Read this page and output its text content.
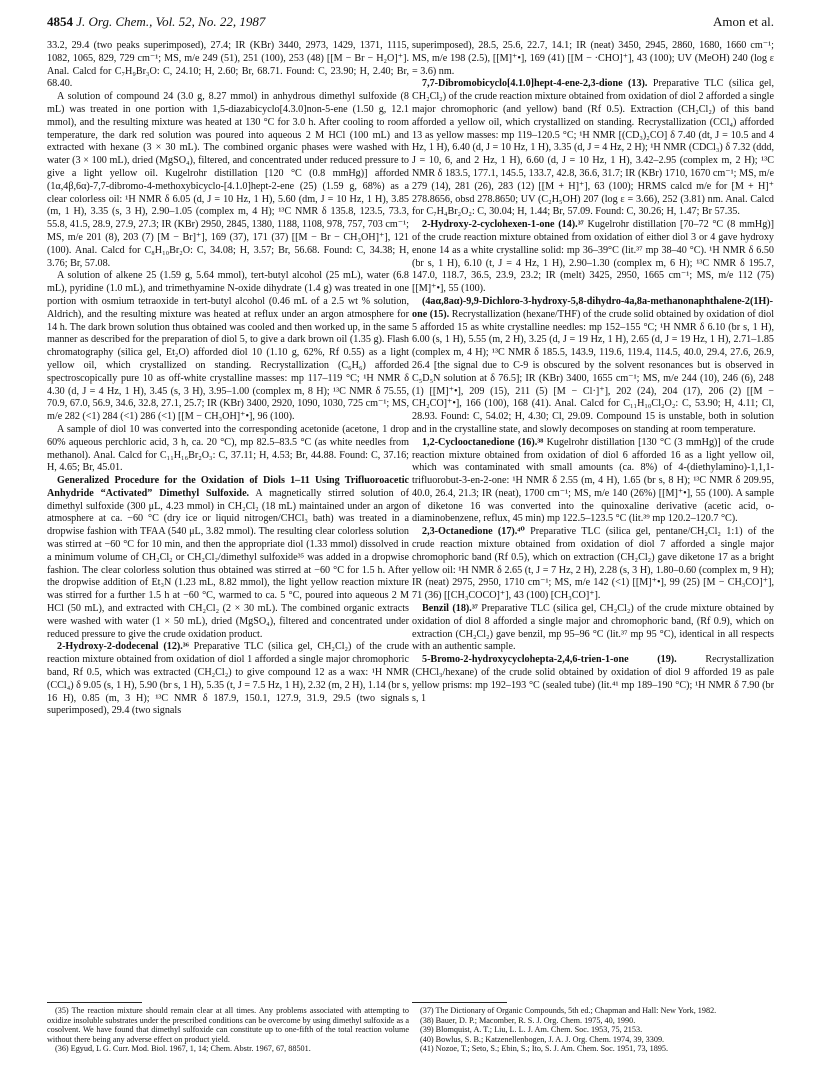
4854 J. Org. Chem., Vol. 52, No. 22, 1987	Amon et al.

33.2, 29.4 (two peaks superimposed), 27.4; IR (KBr) 3440, 2973, 1429, 1371, 1115, 1082, 1065, 829, 729 cm⁻¹; MS, m/e 249 (51), 251 (100), 253 (48) [[M − Br − H₂O]⁺]. Anal. Calcd for C₇H₉Br₃O: C, 24.10; H, 2.60; Br, 68.71. Found: C, 23.90; H, 2.40; Br, 68.40.

A solution of compound 24 (3.0 g, 8.27 mmol) in anhydrous dimethyl sulfoxide (8 mL) was treated in one portion with 1,5-diazabicyclo[4.3.0]non-5-ene (1.50 g, 12.1 mmol), and the resulting mixture was heated at 130 °C for 3.0 h. After cooling to room temperature, the dark red solution was poured into aqueous 2 M HCl (100 mL) and extracted with hexane (3 × 30 mL). The combined organic phases were washed with water (3 × 100 mL), dried (MgSO₄), filtered, and concentrated under reduced pressure to give a light yellow oil. Kugelrohr distillation [120 °C (0.8 mmHg)] afforded (1α,4β,6α)-7,7-dibromo-4-methoxybicyclo-[4.1.0]hept-2-ene (25) (1.59 g, 68%) as a clear colorless oil: ¹H NMR δ 6.05 (d, J = 10 Hz, 1 H), 5.60 (dm, J = 10 Hz, 1 H), 3.85 (m, 1 H), 3.35 (s, 3 H), 2.90–1.05 (complex m, 4 H); ¹³C NMR δ 135.8, 123.5, 73.3, 55.8, 41.5, 28.9, 27.9, 27.3; IR (KBr) 2950, 2845, 1380, 1188, 1108, 978, 757, 703 cm⁻¹; MS, m/e 201 (8), 203 (7) [M − Br]⁺], 169 (37), 171 (37) [[M − Br − CH₃OH]⁺], 121 (100). Anal. Calcd for C₈H₁₀Br₂O: C, 34.08; H, 3.57; Br, 56.68. Found: C, 34.38; H, 3.76; Br, 57.08.

A solution of alkene 25 (1.59 g, 5.64 mmol), tert-butyl alcohol (25 mL), water (6.8 mL), pyridine (1.0 mL), and trimethyamine N-oxide dihydrate (1.4 g) was treated in one portion with osmium tetraoxide in tert-butyl alcohol (0.46 mL of a 2.5 wt % solution, Aldrich), and the resulting mixture was heated at reflux under an argon atmosphere for 14 h. The dark brown solution thus obtained was cooled and then worked up, in the same manner as described for the preparation of diol 5, to give a dark brown oil (1.35 g). Flash chromatography (silica gel, Et₂O) afforded diol 10 (1.10 g, 62%, Rf 0.55) as a light yellow oil, which crystallized on standing. Recrystallization (C₆H₆) afforded spectroscopically pure 10 as off-white crystalline masses: mp 117–119 °C; ¹H NMR δ 4.30 (d, J = 4 Hz, 1 H), 3.45 (s, 3 H), 3.95–1.00 (complex m, 8 H); ¹³C NMR δ 75.55, 70.9, 67.0, 56.9, 34.6, 32.8, 27.1, 25.7; IR (KBr) 3400, 2920, 1090, 1030, 725 cm⁻¹; MS, m/e 282 (<1) 284 (<1) 286 (<1) [[M − CH₃OH]⁺•], 96 (100).

A sample of diol 10 was converted into the corresponding acetonide (acetone, 1 drop 60% aqueous perchloric acid, 3 h, ca. 20 °C), mp 82.5–83.5 °C (as white needles from methanol). Anal. Calcd for C₁₁H₁₆Br₂O₃: C, 37.11; H, 4.53; Br, 44.88. Found: C, 37.16; H, 4.65; Br, 45.01.

Generalized Procedure for the Oxidation of Diols 1–11 Using Trifluoroacetic Anhydride “Activated” Dimethyl Sulfoxide. A magnetically stirred solution of dimethyl sulfoxide (300 μL, 4.23 mmol) in CH₂Cl₂ (18 mL) maintained under an argon atmosphere at ca. −60 °C (dry ice or liquid nitrogen/CHCl₃ bath) was treated in a dropwise fashion with TFAA (540 μL, 3.82 mmol). The resulting clear colorless solution was stirred at −60 °C for 10 min, and then the appropriate diol (1.33 mmol) dissolved in a minimum volume of CH₂Cl₂ or CH₂Cl₂/dimethyl sulfoxide³⁵ was added in a dropwise fashion. The clear colorless solution thus obtained was stirred at −60 °C for 1.5 h. After the dropwise addition of Et₃N (1.23 mL, 8.82 mmol), the light yellow reaction mixture was stirred for a further 1.5 h at −60 °C, warmed to ca. 5 °C, poured into aqueous 2 M HCl (50 mL), and extracted with CH₂Cl₂ (2 × 30 mL). The combined organic extracts were washed with water (1 × 50 mL), dried (MgSO₄), filtered and concentrated under reduced pressure to give the crude oxidation product.

2-Hydroxy-2-dodecenal (12).³⁶ Preparative TLC (silica gel, CH₂Cl₂) of the crude reaction mixture obtained from oxidation of diol 1 afforded a single major chromophoric band, Rf 0.5, which was extracted (CH₂Cl₂) to give compound 12 as a wax: ¹H NMR (CCl₄) δ 9.05 (s, 1 H), 5.90 (br s, 1 H), 5.35 (t, J = 7.5 Hz, 1 H), 2.32 (m, 2 H), 1.14 (br s, 16 H), 0.85 (m, 3 H); ¹³C NMR δ 187.9, 150.1, 127.9, 31.9, 29.5 (two signals superimposed), 29.4 (two signals

superimposed), 28.5, 25.6, 22.7, 14.1; IR (neat) 3450, 2945, 2860, 1680, 1660 cm⁻¹; MS, m/e 198 (2.5), [[M]⁺•], 169 (41) [[M − ·CHO]⁺], 43 (100); UV (MeOH) 240 (log ε = 3.6) nm.

7,7-Dibromobicyclo[4.1.0]hept-4-ene-2,3-dione (13). Preparative TLC (silica gel, CH₂Cl₂) of the crude reaction mixture obtained from oxidation of diol 2 afforded a single major chromophoric (and yellow) band (Rf 0.5). Extraction (CH₂Cl₂) of this band afforded a yellow oil, which crystallized on standing. Recrystallization (CCl₄) afforded 13 as yellow masses: mp 119–120.5 °C; ¹H NMR [(CD₃)₂CO] δ 7.40 (dt, J = 10.5 and 4 Hz, 1 H), 6.40 (d, J = 10 Hz, 1 H), 3.35 (d, J = 4 Hz, 2 H); ¹H NMR (CDCl₃) δ 7.32 (ddd, J = 10, 6, and 2 Hz, 1 H), 6.60 (d, J = 10 Hz, 1 H), 3.42–2.95 (complex m, 2 H); ¹³C NMR δ 183.5, 177.1, 145.5, 133.7, 42.8, 36.6, 31.7; IR (KBr) 1710, 1670 cm⁻¹; MS, m/e 279 (14), 281 (26), 283 (12) [[M + H]⁺], 63 (100); HRMS calcd m/e for [M + H]⁺ 278.8656, obsd 278.8650; UV (C₂H₅OH) 207 (log ε = 3.66), 252 (3.81) nm. Anal. Calcd for C₇H₄Br₂O₂: C, 30.04; H, 1.44; Br, 57.09. Found: C, 30.26; H, 1.47; Br 57.35.

2-Hydroxy-2-cyclohexen-1-one (14).³⁷ Kugelrohr distillation [70–72 °C (8 mmHg)] of the crude reaction mixture obtained from oxidation of either diol 3 or 4 gave hydroxy enone 14 as a white crystalline solid: mp 36–39°C (lit.³⁷ mp 38–40 °C). ¹H NMR δ 6.50 (br s, 1 H), 6.10 (t, J = 4 Hz, 1 H), 2.90–1.30 (complex m, 6 H); ¹³C NMR δ 195.7, 147.0, 118.7, 36.5, 23.9, 23.2; IR (melt) 3425, 2950, 1665 cm⁻¹; MS, m/e 112 (75) [[M]⁺•], 55 (100).

(4aα,8aα)-9,9-Dichloro-3-hydroxy-5,8-dihydro-4a,8a-methanonaphthalene-2(1H)-one (15). Recrystallization (hexane/THF) of the crude solid obtained by oxidation of diol 5 afforded 15 as white crystalline needles: mp 152–155 °C; ¹H NMR δ 6.10 (br s, 1 H), 6.00 (s, 1 H), 5.55 (m, 2 H), 3.25 (d, J = 19 Hz, 1 H), 2.65 (d, J = 19 Hz, 1 H), 2.71–1.85 (complex m, 4 H); ¹³C NMR δ 185.5, 143.9, 119.6, 119.4, 114.5, 40.0, 29.4, 27.6, 26.9, 26.4 [the signal due to C-9 is obscured by the solvent resonances but is observed in C₅D₅N solution at δ 76.5]; IR (KBr) 3400, 1655 cm⁻¹; MS, m/e 244 (10), 246 (6), 248 (1) [[M]⁺•], 209 (15), 211 (5) [M − Cl·]⁺], 202 (24), 204 (17), 206 (2) [[M − CH₂CO]⁺•], 166 (100), 168 (41). Anal. Calcd for C₁₁H₁₀Cl₂O₂: C, 53.90; H, 4.11; Cl, 28.93. Found: C, 54.02; H, 4.30; Cl, 29.09. Compound 15 is unstable, both in solution and in the crystalline state, and slowly decomposes on standing at room temperature.

1,2-Cyclooctanedione (16).³⁸ Kugelrohr distillation [130 °C (3 mmHg)] of the crude reaction mixture obtained from oxidation of diol 6 afforded 16 as a light yellow oil, which was contaminated with small amounts (ca. 8%) of 4-(diethylamino)-1,1,1-trifluorobut-3-en-2-one: ¹H NMR δ 2.55 (m, 4 H), 1.65 (br s, 8 H); ¹³C NMR δ 209.95, 40.0, 26.4, 21.3; IR (neat), 1700 cm⁻¹; MS, m/e 140 (26%) [[M]⁺•], 55 (100). A sample of diketone 16 was converted into the quinoxaline derivative (acetic acid, o-diaminobenzene, reflux, 45 min) mp 122.5–123.5 °C (lit.³⁹ mp 120.2–120.7 °C).

2,3-Octanedione (17).⁴⁰ Preparative TLC (silica gel, pentane/CH₂Cl₂ 1:1) of the crude reaction mixture obtained from oxidation of diol 7 afforded a single major chromophoric band (Rf 0.5), which on extraction (CH₂Cl₂) gave diketone 17 as a bright yellow oil: ¹H NMR δ 2.65 (t, J = 7 Hz, 2 H), 2.28 (s, 3 H), 1.80–0.60 (complex m, 9 H); IR (neat) 2975, 2950, 1710 cm⁻¹; MS, m/e 142 (<1) [[M]⁺•], 99 (25) [M − CH₃CO]⁺], 71 (36) [[CH₃COCO]⁺], 43 (100) [CH₃CO]⁺].

Benzil (18).³⁷ Preparative TLC (silica gel, CH₂Cl₂) of the crude mixture obtained by oxidation of diol 8 afforded a single major and chromophoric band, (Rf 0.9), which on extraction (CH₂Cl₂) gave benzil, mp 95–96 °C (lit.³⁷ mp 95 °C), identical in all respects with an authentic sample.

5-Bromo-2-hydroxycyclohepta-2,4,6-trien-1-one (19). Recrystallization (CHCl₃/hexane) of the crude solid obtained by oxidation of diol 9 afforded 19 as pale yellow prisms: mp 192–193 °C (sealed tube) (lit.⁴¹ mp 189–190 °C); ¹H NMR δ 7.90 (br s, 1

(35) The reaction mixture should remain clear at all times. Any problems associated with attempting to oxidize insoluble substrates under the prescribed conditions can be overcome by using dimethyl sulfoxide as a cosolvent. We have found that dimethyl sulfoxide can constitute up to one-fifth of the total reaction volume without there being any adverse effect on product yield.

(36) Egyud, L G. Curr. Mod. Biol. 1967, 1, 14; Chem. Abstr. 1967, 67, 88501.

(37) The Dictionary of Organic Compounds, 5th ed.; Chapman and Hall: New York, 1982.

(38) Bauer, D. P.; Macomber, R. S. J. Org. Chem. 1975, 40, 1990.

(39) Blomquist, A. T.; Liu, L. L. J. Am. Chem. Soc. 1953, 75, 2153.

(40) Bowlus, S. B.; Katzenellenbogen, J. A. J. Org. Chem. 1974, 39, 3309.

(41) Nozoe, T.; Seto, S.; Ebin, S.; Ito, S. J. Am. Chem. Soc. 1951, 73, 1895.
